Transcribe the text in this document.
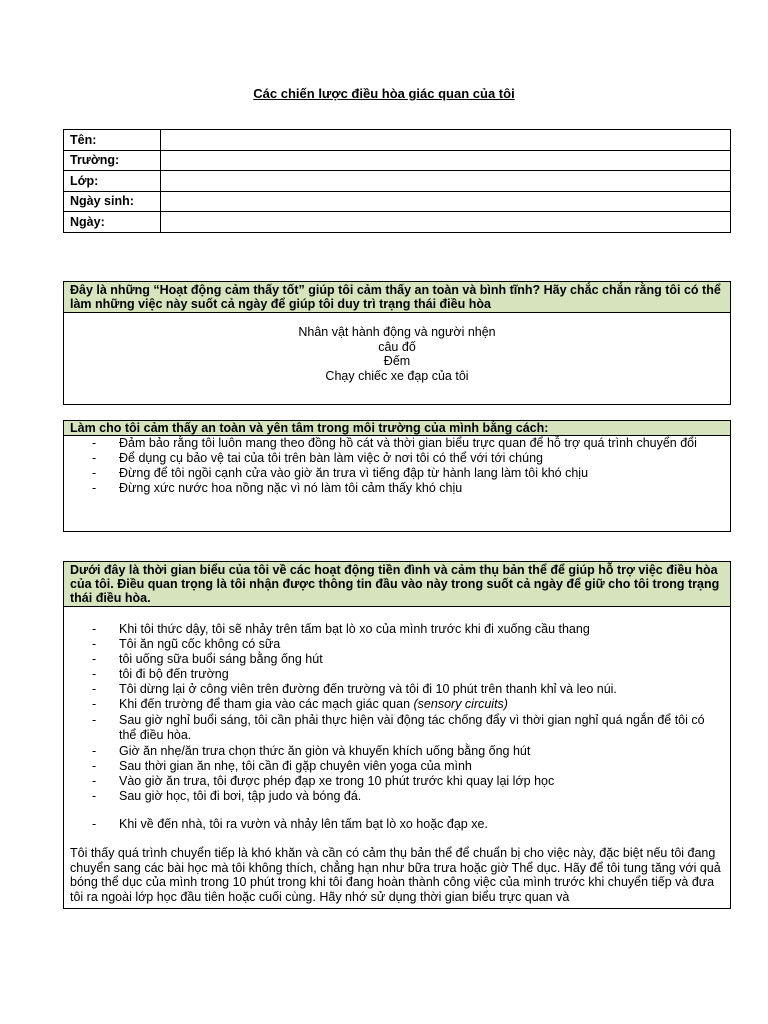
Các chiến lược điều hòa giác quan của tôi
Tên:	
Trường:	
Lớp:	
Ngày sinh:	
Ngày:	
Đây là những “Hoạt động cảm thấy tốt” giúp tôi cảm thấy an toàn và bình tĩnh? Hãy chắc chắn rằng tôi có thể làm những việc này suốt cả ngày để giúp tôi duy trì trạng thái điều hòa
Nhân vật hành động và người nhện
câu đố
Đếm
Chạy chiếc xe đạp của tôi
Làm cho tôi cảm thấy an toàn và yên tâm trong môi trường của mình bằng cách:
- Đảm bảo rằng tôi luôn mang theo đồng hồ cát và thời gian biểu trực quan để hỗ trợ quá trình chuyển đổi
- Để dụng cụ bảo vệ tai của tôi trên bàn làm việc ở nơi tôi có thể với tới chúng
- Đừng để tôi ngồi cạnh cửa vào giờ ăn trưa vì tiếng đập từ hành lang làm tôi khó chịu
- Đừng xức nước hoa nồng nặc vì nó làm tôi cảm thấy khó chịu
Dưới đây là thời gian biểu của tôi về các hoạt động tiền đình và cảm thụ bản thể để giúp hỗ trợ việc điều hòa của tôi. Điều quan trọng là tôi nhận được thông tin đầu vào này trong suốt cả ngày để giữ cho tôi trong trạng thái điều hòa.
- Khi tôi thức dậy, tôi sẽ nhảy trên tấm bạt lò xo của mình trước khi đi xuống cầu thang
- Tôi ăn ngũ cốc không có sữa
- tôi uống sữa buổi sáng bằng ống hút
- tôi đi bộ đến trường
- Tôi dừng lại ở công viên trên đường đến trường và tôi đi 10 phút trên thanh khỉ và leo núi.
- Khi đến trường để tham gia vào các mạch giác quan (sensory circuits)
- Sau giờ nghỉ buổi sáng, tôi cần phải thực hiện vài động tác chống đẩy vì thời gian nghỉ quá ngắn để tôi có thể điều hòa.
- Giờ ăn nhẹ/ăn trưa chọn thức ăn giòn và khuyến khích uống bằng ống hút
- Sau thời gian ăn nhẹ, tôi cần đi gặp chuyên viên yoga của mình
- Vào giờ ăn trưa, tôi được phép đạp xe trong 10 phút trước khi quay lại lớp học
- Sau giờ học, tôi đi bơi, tập judo và bóng đá.
- Khi về đến nhà, tôi ra vườn và nhảy lên tấm bạt lò xo hoặc đạp xe.
Tôi thấy quá trình chuyển tiếp là khó khăn và cần có cảm thụ bản thể để chuẩn bị cho việc này, đặc biệt nếu tôi đang chuyển sang các bài học mà tôi không thích, chẳng hạn như bữa trưa hoặc giờ Thể dục. Hãy để tôi tung tăng với quả bóng thể dục của mình trong 10 phút trong khi tôi đang hoàn thành công việc của mình trước khi chuyển tiếp và đưa tôi ra ngoài lớp học đầu tiên hoặc cuối cùng. Hãy nhớ sử dụng thời gian biểu trực quan và
